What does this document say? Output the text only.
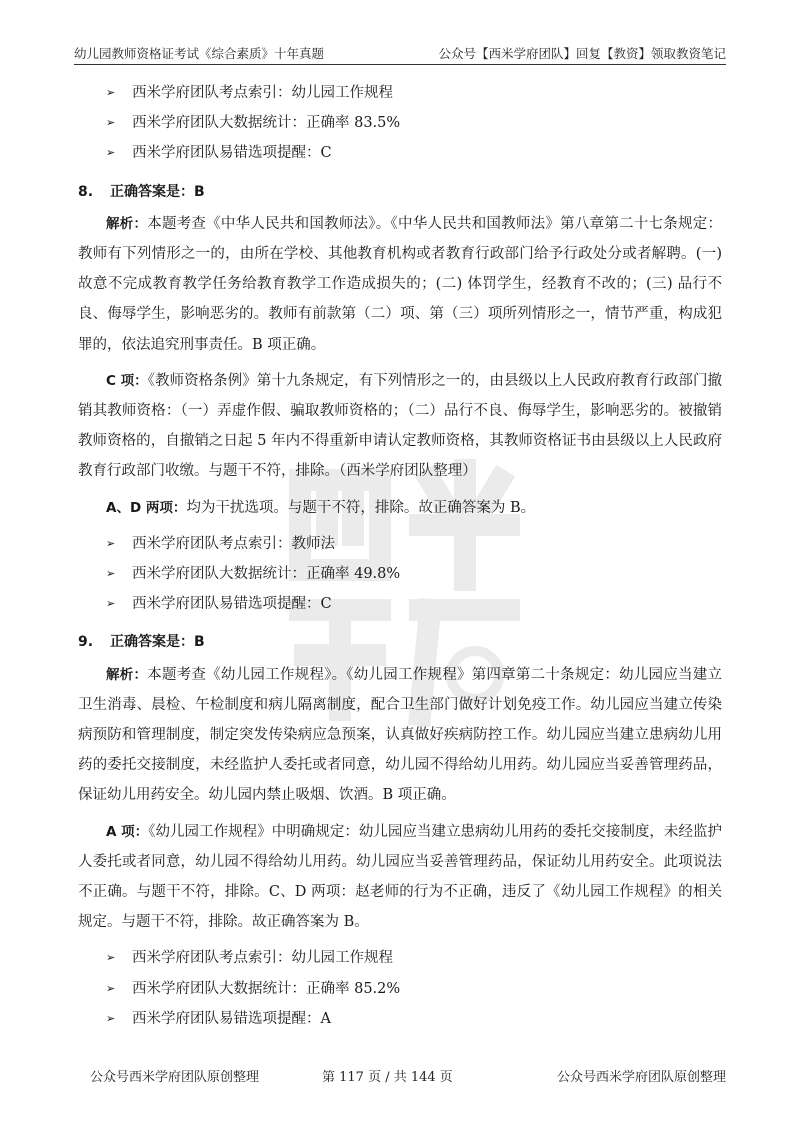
幼儿园教师资格证考试《综合素质》十年真题	公众号【西米学府团队】回复【教资】领取教资笔记
➢ 西米学府团队考点索引：幼儿园工作规程
➢ 西米学府团队大数据统计：正确率 83.5%
➢ 西米学府团队易错选项提醒：C
8. 正确答案是：B

解析：本题考查《中华人民共和国教师法》。《中华人民共和国教师法》第八章第二十七条规定：教师有下列情形之一的，由所在学校、其他教育机构或者教育行政部门给予行政处分或者解聘。(一) 故意不完成教育教学任务给教育教学工作造成损失的；(二) 体罚学生，经教育不改的；(三) 品行不良、侮辱学生，影响恶劣的。教师有前款第（二）项、第（三）项所列情形之一，情节严重，构成犯罪的，依法追究刑事责任。B 项正确。

C 项：《教师资格条例》第十九条规定，有下列情形之一的，由县级以上人民政府教育行政部门撤销其教师资格：（一）弄虚作假、骗取教师资格的；（二）品行不良、侮辱学生，影响恶劣的。被撤销教师资格的，自撤销之日起 5 年内不得重新申请认定教师资格，其教师资格证书由县级以上人民政府教育行政部门收缴。与题干不符，排除。（西米学府团队整理）

A、D 两项：均为干扰选项。与题干不符，排除。故正确答案为 B。

➢ 西米学府团队考点索引：教师法
➢ 西米学府团队大数据统计：正确率 49.8%
➢ 西米学府团队易错选项提醒：C
9. 正确答案是：B

解析：本题考查《幼儿园工作规程》。《幼儿园工作规程》第四章第二十条规定：幼儿园应当建立卫生消毒、晨检、午检制度和病儿隔离制度，配合卫生部门做好计划免疫工作。幼儿园应当建立传染病预防和管理制度，制定突发传染病应急预案，认真做好疾病防控工作。幼儿园应当建立患病幼儿用药的委托交接制度，未经监护人委托或者同意，幼儿园不得给幼儿用药。幼儿园应当妥善管理药品，保证幼儿用药安全。幼儿园内禁止吸烟、饮酒。B 项正确。

A 项：《幼儿园工作规程》中明确规定：幼儿园应当建立患病幼儿用药的委托交接制度，未经监护人委托或者同意，幼儿园不得给幼儿用药。幼儿园应当妥善管理药品，保证幼儿用药安全。此项说法不正确。与题干不符，排除。C、D 两项：赵老师的行为不正确，违反了《幼儿园工作规程》的相关规定。与题干不符，排除。故正确答案为 B。

➢ 西米学府团队考点索引：幼儿园工作规程
➢ 西米学府团队大数据统计：正确率 85.2%
➢ 西米学府团队易错选项提醒：A
公众号西米学府团队原创整理	第 117 页 / 共 144 页	公众号西米学府团队原创整理
